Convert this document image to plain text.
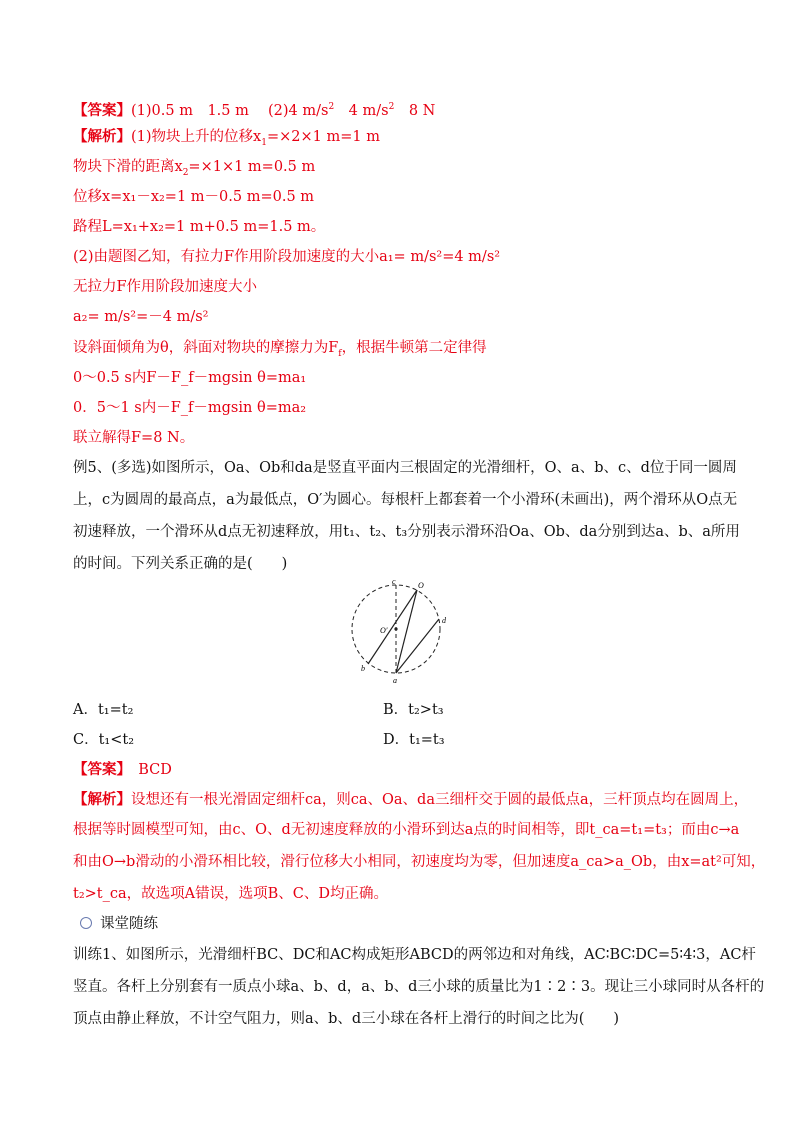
【答案】(1)0.5 m　1.5 m　 (2)4 $m/s^2$　4 $m/s^2$　8 N
【解析】(1)物块上升的位移$x_1=\times 2\times 1$ m=1 m
物块下滑的距离$x_2=\times 1\times 1$ m=0.5 m
位移x=x₁－x₂=1 m－0.5 m=0.5 m
路程L=x₁+x₂=1 m+0.5 m=1.5 m。
(2)由题图乙知，有拉力F作用阶段加速度的大小a₁= m/s²=4 m/s²
无拉力F作用阶段加速度大小
a₂= m/s²=－4 m/s²
设斜面倾角为θ，斜面对物块的摩擦力为$F_f$，根据牛顿第二定律得
0～0.5 s内F－F_f－mgsin θ=ma₁
0．5～1 s内－F_f－mgsin θ=ma₂
联立解得F=8 N。
例5、(多选)如图所示，Oa、Ob和da是竖直平面内三根固定的光滑细杆，O、a、b、c、d位于同一圆周
上，c为圆周的最高点，a为最低点，O′为圆心。每根杆上都套着一个小滑环(未画出)，两个滑环从O点无
初速释放，一个滑环从d点无初速释放，用t₁、t₂、t₃分别表示滑环沿Oa、Ob、da分别到达a、b、a所用
的时间。下列关系正确的是(　　)
c	O
O′
d
b
a
A．t₁=t₂	B．t₂>t₃
C．t₁<t₂	D．t₁=t₃
【答案】　BCD
【解析】设想还有一根光滑固定细杆ca，则ca、Oa、da三细杆交于圆的最低点a，三杆顶点均在圆周上，
根据等时圆模型可知，由c、O、d无初速度释放的小滑环到达a点的时间相等，即t_ca=t₁=t₃；而由c→a
和由O→b滑动的小滑环相比较，滑行位移大小相同，初速度均为零，但加速度a_ca>a_Ob，由x=at²可知，
t₂>t_ca，故选项A错误，选项B、C、D均正确。
课堂随练
训练1、如图所示，光滑细杆BC、DC和AC构成矩形ABCD的两邻边和对角线，AC∶BC∶DC=5∶4∶3，AC杆
竖直。各杆上分别套有一质点小球a、b、d，a、b、d三小球的质量比为1∶2∶3。现让三小球同时从各杆的
顶点由静止释放，不计空气阻力，则a、b、d三小球在各杆上滑行的时间之比为(　　)
